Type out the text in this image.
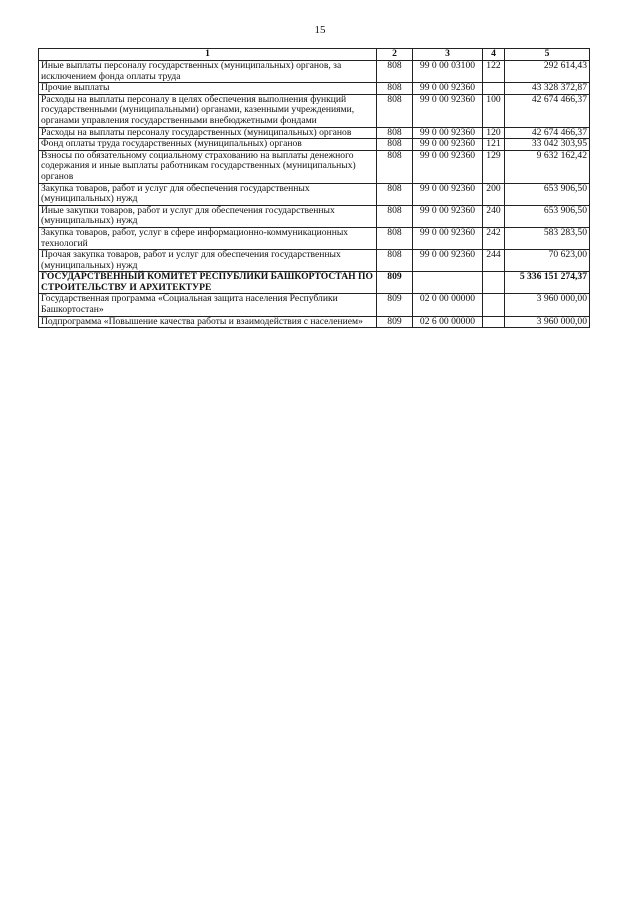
15
1	2	3	4	5
Иные выплаты персоналу государственных (муниципальных) органов, за исключением фонда оплаты труда	808	99 0 00 03100	122	292 614,43
Прочие выплаты	808	99 0 00 92360		43 328 372,87
Расходы на выплаты персоналу в целях обеспечения выполнения функций государственными (муниципальными) органами, казенными учреждениями, органами управления государственными внебюджетными фондами	808	99 0 00 92360	100	42 674 466,37
Расходы на выплаты персоналу государственных (муниципальных) органов	808	99 0 00 92360	120	42 674 466,37
Фонд оплаты труда государственных (муниципальных) органов	808	99 0 00 92360	121	33 042 303,95
Взносы по обязательному социальному страхованию на выплаты денежного содержания и иные выплаты работникам государственных (муниципальных) органов	808	99 0 00 92360	129	9 632 162,42
Закупка товаров, работ и услуг для обеспечения государственных (муниципальных) нужд	808	99 0 00 92360	200	653 906,50
Иные закупки товаров, работ и услуг для обеспечения государственных (муниципальных) нужд	808	99 0 00 92360	240	653 906,50
Закупка товаров, работ, услуг в сфере информационно-коммуникационных технологий	808	99 0 00 92360	242	583 283,50
Прочая закупка товаров, работ и услуг для обеспечения государственных (муниципальных) нужд	808	99 0 00 92360	244	70 623,00
ГОСУДАРСТВЕННЫЙ КОМИТЕТ РЕСПУБЛИКИ БАШКОРТОСТАН ПО СТРОИТЕЛЬСТВУ И АРХИТЕКТУРЕ	809			5 336 151 274,37
Государственная программа «Социальная защита населения Республики Башкортостан»	809	02 0 00 00000		3 960 000,00
Подпрограмма «Повышение качества работы и взаимодействия с населением»	809	02 6 00 00000		3 960 000,00
